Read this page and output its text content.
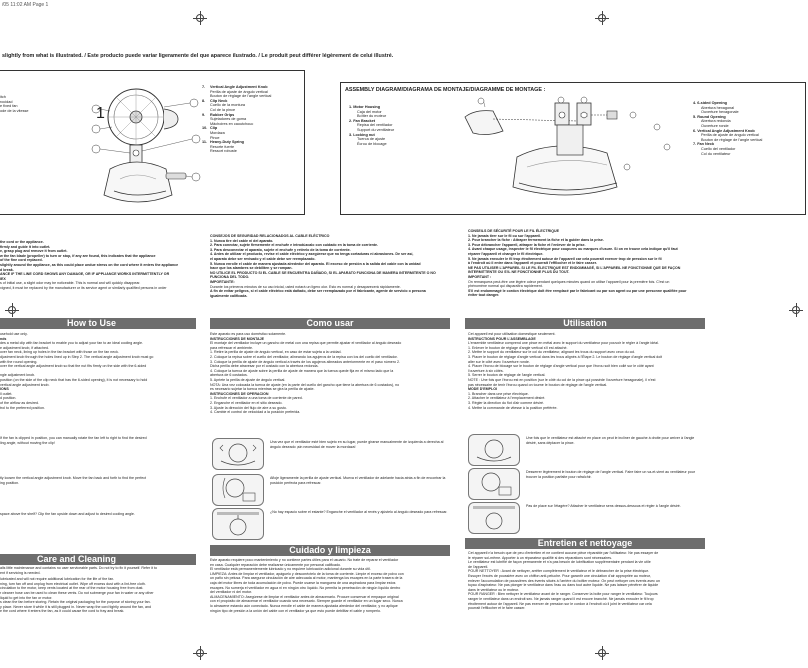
/05 11:02 AM Page 1
slightly from what is illustrated. / Este producto puede variar ligeramente del que aparece ilustrado. / Le produit peut différer légèrement de celui illustré.
itch
rocidad
e fixed fan
ode de la vitesse	1
Vertical Angle Adjustment Knob
Perilla de ajuste de ángulo vertical
Bouton de réglage de l'angle vertical
Clip Neck
Cuello de la montura
Col de la pince
Rubber Grips
Sujetadores de goma
Mâchoires en caoutchouc
Clip
Mordaza
Pince
Heavy-Duty Spring
Resorte fuerte
Ressort robuste
7.

8.

9.

10.

11.
ASSEMBLY DIAGRAM/DIAGRAMA DE MONTAJE/DIAGRAMME DE MONTAGE :
1. Motor Housing
Caja del motor
Boîtier du moteur
2. Fan Bracket
Repisa del ventilador
Support du ventilateur
3. Locking nut
Tuerca de ajuste
Écrou de blocage
4. 6-sided Opening
Abertura hexagonal
Ouverture hexagonale
5. Round Opening
Abertura redonda
Ouverture ronde
6. Vertical Angle Adjustment Knob
Perilla de ajuste de ángulo vertical
Bouton de réglage de l'angle vertical
7. Fan Neck
Cuello del ventilador
Col du ventilateur
the cord or the appliance.
firmly and guide it into outlet.
e, grasp plug and remove it from outlet.
w the fan blade (propeller) to turn or stop, if any are found, this indicates that the appliance
of the fine cord replaced.
slightly around the appliance, as this could place undue stress on the cord where it enters the appliance
d break.
ANCE IF THE LINE CORD SHOWS ANY DAMAGE, OR IF APPLIANCE WORKS INTERMITTENTLY OR
IEX
s of initial use, a slight odor may be noticeable. This is normal and will quickly disappear.
xigned, it must be replaced by the manufacturer or its service agent or similarly qualified persons in order
CONSEJOS DE SEGURIDAD RELACIONADOS AL CABLE ELÉCTRICO
1. Nunca tire del cable ni del aparato.
2. Para conectar, sujete firmemente el enchufe e introdúzcalo con cuidado en la toma de corriente.
3. Para desconectar el aparato, sujete el enchufe y retírelo de la toma de corriente.
4. Antes de utilizar el producto, revise el cable eléctrico y asegúrese que no tenga cortaduras ni abrasiones. De ser así,
el aparato debe ser revisado y el cable debe ser reemplazado.
5. Nunca enrolle el cable de manera ajustada alrededor del aparato. El exceso de presión a la salida del cable con la unidad
hace que los alambres se debiliten y se rompan.
NO UTILICE EL PRODUCTO SI EL CABLE SE ENCUENTRA DAÑADO, SI EL APARATO FUNCIONA DE MANERA INTERMITENTE O NO
FUNCIONA DEL TODO.
IMPORTANTE:
Durante los primeros minutos de su uso inicial, usted notará un ligero olor. Esto es normal y desaparecerá rápidamente.
A fin de evitar peligros, si el cable eléctrico está dañado, debe ser reemplazado por el fabricante, agente de servicio o persona
igualmente calificada.
CONSEILS DE SÉCURITÉ POUR LE FIL ÉLECTRIQUE
1. Ne jamais tirer sur le fil ou sur l'appareil.
2. Pour brancher la fiche : Attraper fermement la fiche et la guider dans la prise.
3. Pour débrancher l'appareil, attraper la fiche et l'enlever de la prise.
4. Avant chaque usage, inspecter le fil électrique pour coupures ou marques d'usure. Si on en trouve cela indique qu'il faut
réparer l'appareil et changer le fil électrique.
5. Ne jamais enrouler le fil trop étroitement autour de l'appareil car cela pourrait exercer trop de pression sur le fil
à l'endroit où il entre dans l'appareil et pourrait l'effilocher et le faire casser.
NE PAS UTILISER L'APPAREIL SI LE FIL ÉLECTRIQUE EST ENDOMMAGÉ, SI L'APPAREIL NE FONCTIONNE QUE DE FAÇON
INTERMITTENTE OU S'IL NE FONCTIONNE PLUS DU TOUT.
IMPORTANT :
On remarquera peut-être une légère odeur pendant quelques minutes quand on utilise l'appareil pour la première fois. C'est un
phénomène normal qui disparaîtra rapidement.
S'il est endommagé le cordon électrique doit être remplacé par le fabricant ou par son agent ou par une personne qualifiée pour
éviter tout danger.
How to Use	Como usar	Utilisation
Care and Cleaning
Cuidado y limpieza
Entretien et nettoyage
usehold use only.
nds
des a metal clip with fan bracket to enable you to adjust your fan to an ideal cooling angle.
e adjustment knob, if attached.
over fan neck, lining up holes in the fan bracket with those on the fan neck.
djustment knob through the holes lined up in Step 2. The vertical angle adjustment knob must go
with the round opening.
over the vertical angle adjustment knob so that the nut fits firmly on the side with the 6-sided

ngle adjustment knob.
position (on the side of the clip neck that has the 6-sided opening), it is not necessary to hold
vertical angle adjustment knob.
IONS
ll outlet.
d position.
of the airflow as desired.
trol to the preferred position.
If the fan is clipped in position, you can manually rotate the fan left to right to find the desired
ling angle, without moving the clip!
tly loosen the vertical angle adjustment knob. Move the fan back and forth to find the perfect
ing position.
space above the shelf? Clip the fan upside down and adjust to desired cooling angle.
alls little maintenance and contains no user serviceable parts. Do not try to fix it yourself. Refer it to
ent if servicing is needed.
lubricated and will not require additional lubrication for the life of the fan.
ning, turn fan off and unplug from electrical outlet. Wipe off excess dust with a lint-free cloth.
circulation to the motor, keep vents located at the rear of the motor housing free from dust.
r cleaner hose can be used to clean these vents. Do not submerge your fan in water or any other
liquid to get into the fan or motor.
s clean the fan before storing. Retain the original packaging for the purpose of storing your fan.
y place. Never store it while it is still plugged in. Never wrap the cord tightly around the fan, and
e the cord where it enters the fan, as it could cause the cord to fray and break.
Este aparato es para uso doméstico solamente.
INSTRUCCIONES DE MONTAJE
El montaje del ventilador incluye un gancho de metal con una repisa que permite ajustar el ventilador al ángulo deseado
para refrescar el ambiente.
1. Retire la perilla de ajuste de ángulo vertical, en caso de estar sujeta a la unidad.
2. Coloque la repisa sobre el cuello del ventilador, alineando los agujeros de la repisa con los del cuello del ventilador.
3. Coloque la perilla de ajuste de ángulo vertical a través de los agujeros alineados anteriormente en el paso número 2.
Dicha perilla debe atravesar por el costado con la abertura redonda.
4. Coloque la tuerca de ajuste sobre la perilla de ajuste de manera que la tuerca quede fija en el mismo lado que la
abertura de 6 costados.
5. Apriete la perilla de ajuste de ángulo vertical.
NOTA: Una vez colocada la tuerca de ajuste (en la parte del cuello del gancho que tiene la abertura de 6 costados), no
es necesario sujetar la tuerca mientras se gira la perilla de ajuste.
INSTRUCCIONES DE OPERACION
1. Enchufe el ventilador a una toma de corriente de pared.
2. Enganche el ventilador en el sitio deseado.
3. Ajuste la dirección del flujo de aire a su gusto.
4. Cambie el control de velocidad a la posición preferida.
Una vez que el ventilador esté bien sujeto en su lugar, puede girarse manualmente de izquierda a derecha al ángulo deseado ¡sin necesidad de mover la mordaza!
Afloje ligeramente la perilla de ajuste vertical. Mueva el ventilador de adelante hacia atrás a fin de encontrar la posición perfecta para refrescar.
¿No hay espacio sobre el estante? Enganche el ventilador al revés y ajústelo al ángulo deseado para refrescar.
Este aparato requiere poco mantenimiento y no contiene partes útiles para el usuario. No trate de reparar el ventilador
en casa. Cualquier reparación debe realizarse únicamente por personal calificado.
El ventilador está permanentemente lubricado y no requiere lubricación adicional durante su vida útil.
LIMPIEZA: Antes de limpiar el ventilador, apáguelo y desconéctelo de la toma de corriente. Limpie el exceso de polvo con
un paño sin pelusa. Para asegurar circulación de aire adecuada al motor, mantenga los escapes en la parte trasera de la
caja del motor libres de toda acumulación de polvo. Puede usarse la manguera de una aspiradora para limpiar estos
escapes. No sumerja el ventilador en agua ni en ningún otro líquido. No permita la penetración de ningún líquido dentro
del ventilador ni del motor.
ALMACENAMIENTO: Asegúrese de limpiar el ventilador antes de almacenarlo. Procure conservar el empaque original
con el propósito de almacenar el ventilador cuando sea necesario. Siempre guarde el ventilador en un lugar seco. Nunca
lo almacene estando aún conectado. Nunca enrolle el cable de manera ajustada alrededor del ventilador, y no aplique
ningún tipo de presión a la unión del cable con el ventilador ya que esto puede debilitar el cable y romperlo.
Cet appareil est pour utilisation domestique seulement.
INSTRUCTIONS POUR L'ASSEMBLAGE
L'ensemble ventilateur comprend une pince en métal avec le support du ventilateur pour pouvoir le régler à l'angle idéal.
1. Enlever le bouton de réglage d'angle vertical s'il est attaché.
2. Mettre le support du ventilateur sur le col du ventilateur, alignant les trous du support avec ceux du col.
3. Placer le bouton de réglage d'angle vertical dans les trous alignés à l'Étape 2. Le bouton de réglage d'angle vertical doit
aller sur le côté avec l'ouverture ronde.
4. Placer l'écrou de blocage sur le bouton de réglage d'angle vertical pour que l'écrou soit bien collé sur le côté ayant
l'ouverture à six côtés.
5. Serrer le bouton de réglage de l'angle vertical.
NOTE : Une fois que l'écrou est en position (sur le côté du col de la pince qui possède l'ouverture hexagonale), il n'est
pas nécessaire de tenir l'écrou quand on tourne le bouton de réglage de l'angle vertical.
MODE D'EMPLOI
1. Brancher dans une prise électrique.
2. Attacher le ventilateur à l'emplacement désiré.
3. Régler la direction du flot d'air comme désiré.
4. Mettre la commande de vitesse à la position préférée.
Une fois que le ventilateur est attaché en place on peut le incliner de gauche à droite pour arriver à l'angle désiré, sans déplacer la pince.
Desserrer légèrement le bouton de réglage de l'angle vertical. Faire faire un va-et-vient au ventilateur pour trouver la position parfaite pour rafraîchir.
Pas de place sur l'étagère? Attacher le ventilateur sens dessus-dessous et régler à l'angle désiré.
Cet appareil n'a besoin que de peu d'entretien et ne contient aucune pièce réparable par l'utilisateur. Ne pas essayer de
le réparer soi-même. Apporter à un réparateur qualifié si des réparations sont nécessaires.
Le ventilateur est lubrifié de façon permanente et n'a pas besoin de lubrification supplémentaire pendant la vie utile
de l'appareil.
POUR NETTOYER : Avant de nettoyer, arrêter complètement le ventilateur et le débrancher de la prise électrique.
Essuyer l'excès de poussière avec un chiffon anti-peluche. Pour garantir une circulation d'air appropriée au moteur,
enlever l'accumulation de poussières des évents situés à l'arrière du boîtier moteur. On peut nettoyer ces évents avec un
tuyau d'aspirateur. Ne pas plonger le ventilateur dans l'eau ou dans tout autre liquide. Ne pas laisser pénétrer de liquide
dans le ventilateur ou le moteur.
POUR RANGER : Bien nettoyer le ventilateur avant de le ranger. Conserver la boîte pour ranger le ventilateur. Toujours
ranger le ventilateur dans un endroit sec. Ne jamais ranger quand il est encore branché. Ne jamais enrouler le fil trop
étroitement autour de l'appareil. Ne pas exercer de pression sur le cordon à l'endroit où il joint le ventilateur car cela
pourrait l'effilocher et le faire casser.
